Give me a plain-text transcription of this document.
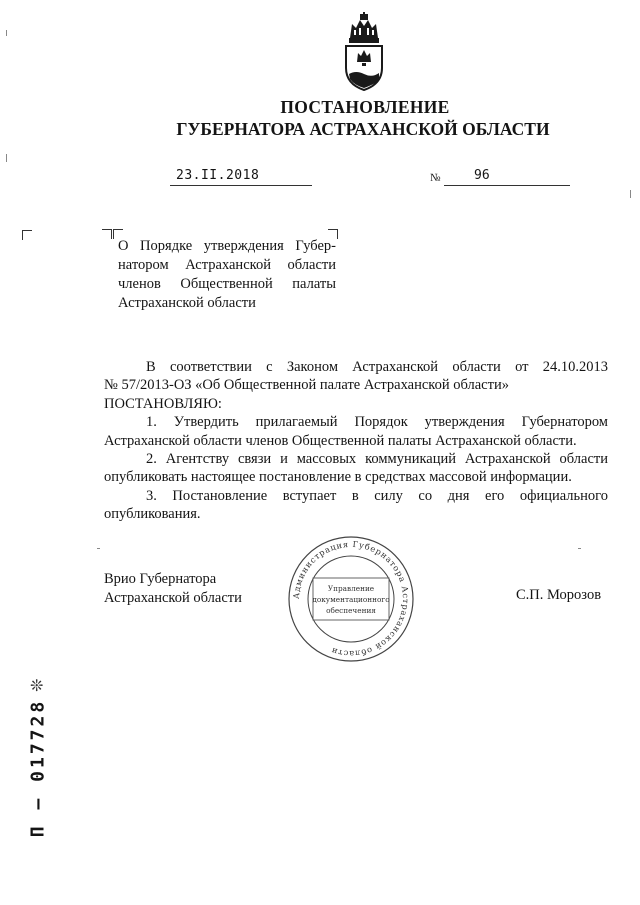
ПОСТАНОВЛЕНИЕ
ГУБЕРНАТОРА АСТРАХАНСКОЙ ОБЛАСТИ
23.II.2018	№	96
О Порядке утверждения Губер-
натором Астраханской области
членов Общественной палаты
Астраханской области

В соответствии с Законом Астраханской области от 24.10.2013

№ 57/2013-ОЗ «Об Общественной палате Астраханской области»

ПОСТАНОВЛЯЮ:

1. Утвердить прилагаемый Порядок утверждения Губернатором Астраханской области членов Общественной палаты Астраханской области.

2. Агентству связи и массовых коммуникаций Астраханской области опубликовать настоящее постановление в средствах массовой информации.

3. Постановление вступает в силу со дня его официального опубликования.

Врио Губернатора
Астраханской области	С.П. Морозов
Администрация Губернатора Астраханской области
Управление
документационного
обеспечения
❊
П – 017728
